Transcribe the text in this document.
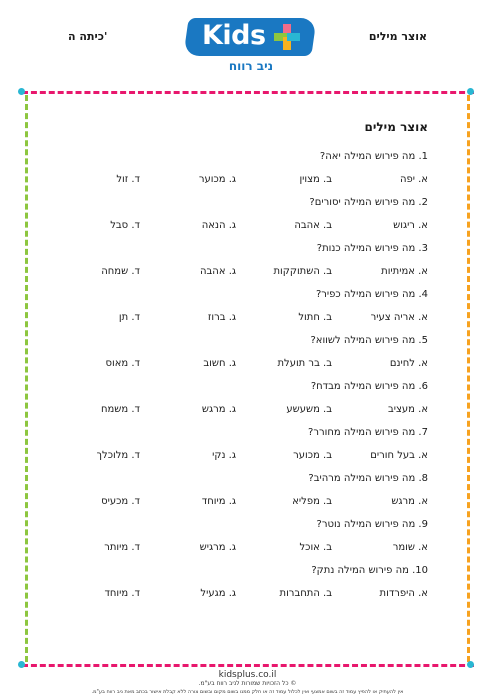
כיתה ה'	אוצר מילים
Kids
ניב רווח
אוצר מילים
1. מה פירוש המילה יאה?
א. יפה
ב. מצוין
ג. מכוער
ד. זול
2. מה פירוש המילה יסורים?
א. ריגוש
ב. אהבה
ג. הנאה
ד. סבל
3. מה פירוש המילה כנות?
א. אמיתיות
ב. השתוקקות
ג. אהבה
ד. שמחה
4. מה פירוש המילה כפיר?
א. אריה צעיר
ב. חתול
ג. ברוז
ד. תן
5. מה פירוש המילה לשווא?
א. לחינם
ב. בר תועלת
ג. חשוב
ד. מאוס
6. מה פירוש המילה מבדח?
א. מעציב
ב. משעשע
ג. מרגש
ד. משמח
7. מה פירוש המילה מחורר?
א. בעל חורים
ב. מכוער
ג. נקי
ד. מלוכלך
8. מה פירוש המילה מרהיב?
א. מרגש
ב. מפליא
ג. מיוחד
ד. מכעיס
9. מה פירוש המילה נוטר?
א. שומר
ב. אוכל
ג. מרגיש
ד. מיותר
10. מה פירוש המילה נתק?
א. היפרדות
ב. התחברות
ג. מגעיל
ד. מיוחד
kidsplus.co.il
© כל הזכויות שמורות לניב רווח בע"מ.
אין להעתיק או להפיץ עמוד זה בשום אמצעי ואין לכלול עמוד זה או חלק ממנו בשום מקום ובשום צורה ללא קבלת אישור בכתב מאת ניב רווח בע"מ.
